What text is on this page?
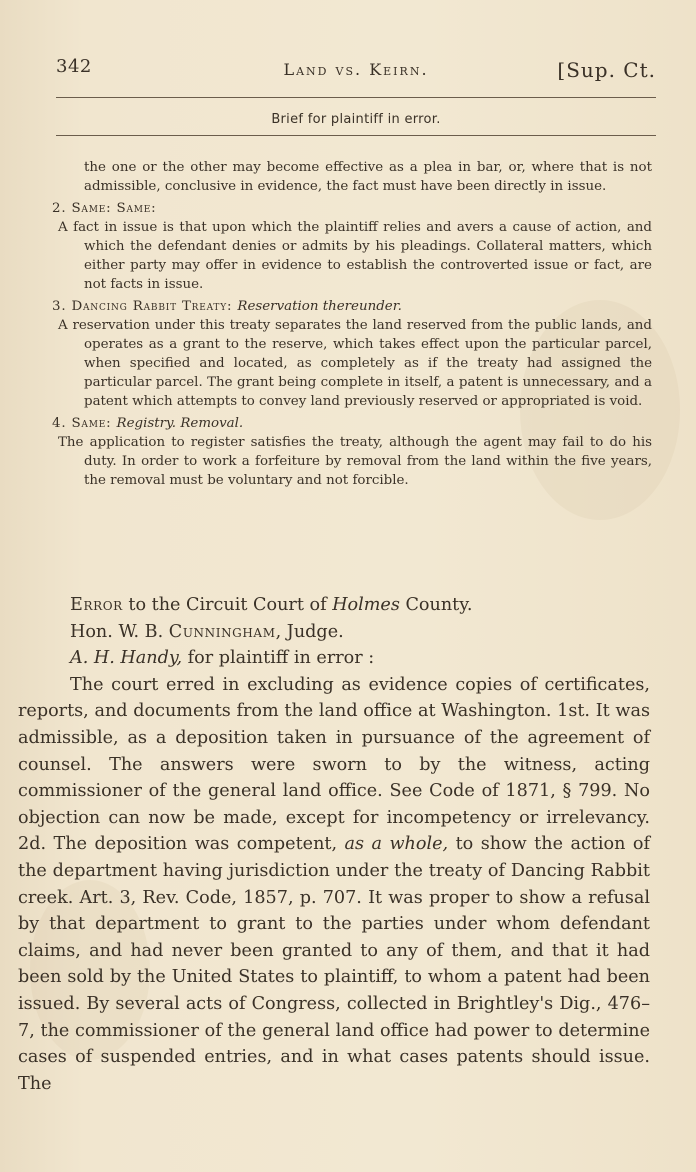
342	Land vs. Keirn.	[Sup. Ct.
Brief for plaintiff in error.

the one or the other may become effective as a plea in bar, or, where that is not admissible, conclusive in evidence, the fact must have been directly in issue.

2. Same: Same:

A fact in issue is that upon which the plaintiff relies and avers a cause of action, and which the defendant denies or admits by his pleadings. Collateral matters, which either party may offer in evidence to establish the controverted issue or fact, are not facts in issue.

3. Dancing Rabbit Treaty: Reservation thereunder.

A reservation under this treaty separates the land reserved from the public lands, and operates as a grant to the reserve, which takes effect upon the particular parcel, when specified and located, as completely as if the treaty had assigned the particular parcel. The grant being complete in itself, a patent is unnecessary, and a patent which attempts to convey land previously reserved or appropriated is void.

4. Same: Registry. Removal.

The application to register satisfies the treaty, although the agent may fail to do his duty. In order to work a forfeiture by removal from the land within the five years, the removal must be voluntary and not forcible.

Error to the Circuit Court of Holmes County.

Hon. W. B. Cunningham, Judge.

A. H. Handy, for plaintiff in error :

The court erred in excluding as evidence copies of certificates, reports, and documents from the land office at Washington. 1st. It was admissible, as a deposition taken in pursuance of the agreement of counsel. The answers were sworn to by the witness, acting commissioner of the general land office. See Code of 1871, § 799. No objection can now be made, except for incompetency or irrelevancy. 2d. The deposition was competent, as a whole, to show the action of the department having jurisdiction under the treaty of Dancing Rabbit creek. Art. 3, Rev. Code, 1857, p. 707. It was proper to show a refusal by that department to grant to the parties under whom defendant claims, and had never been granted to any of them, and that it had been sold by the United States to plaintiff, to whom a patent had been issued. By several acts of Congress, collected in Brightley's Dig., 476–7, the commissioner of the general land office had power to determine cases of suspended entries, and in what cases patents should issue. The
